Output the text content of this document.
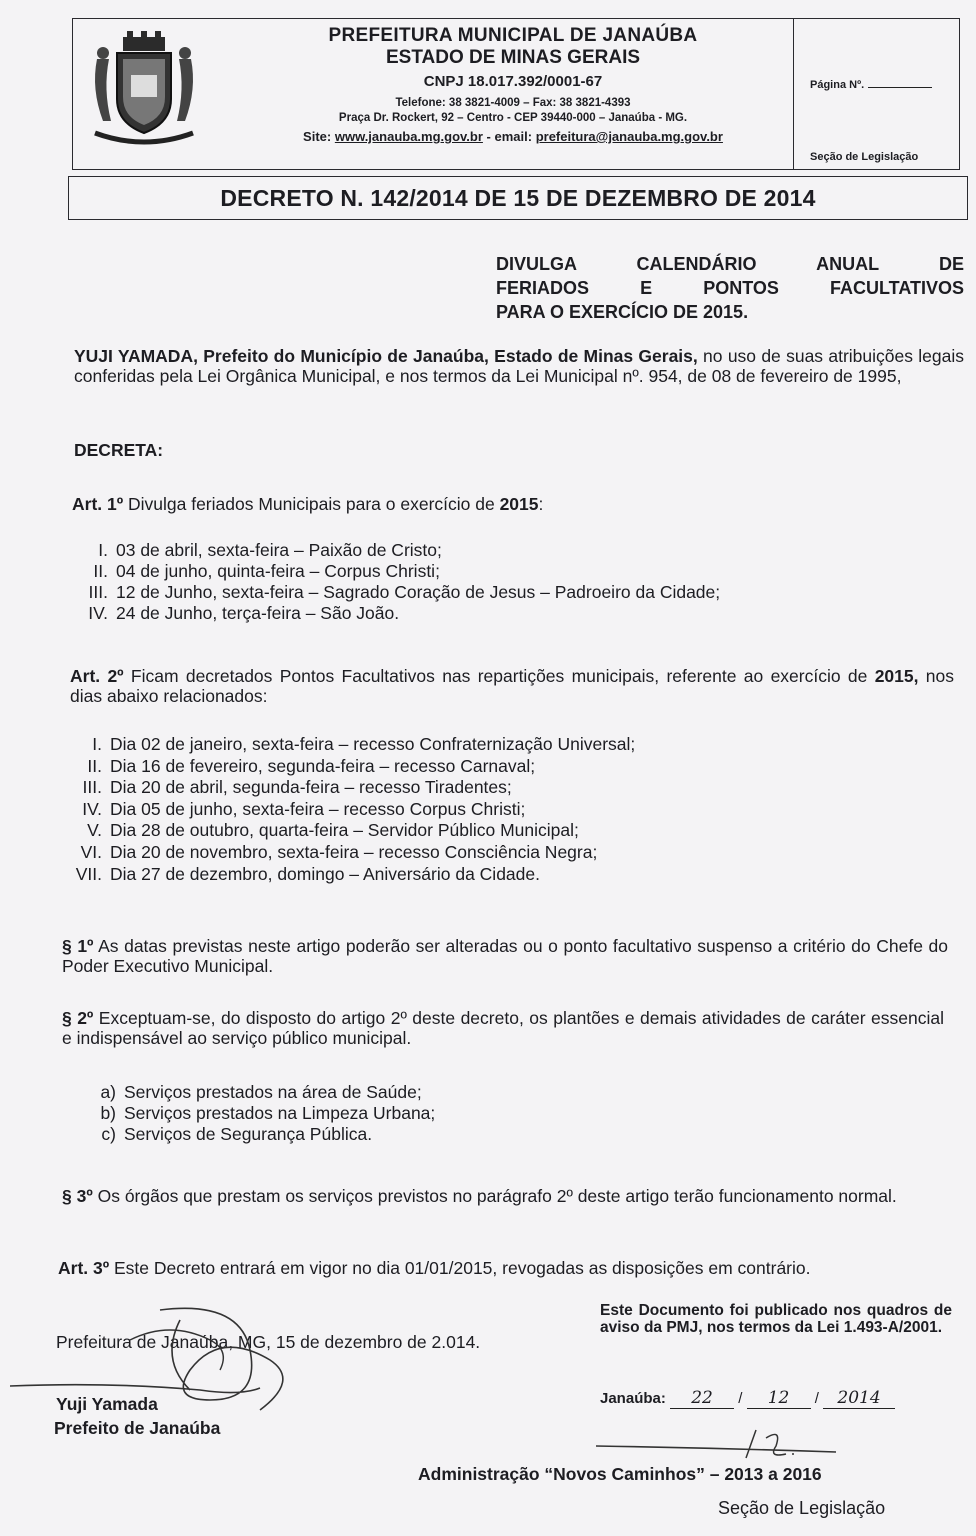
PREFEITURA MUNICIPAL DE JANAÚBA
ESTADO DE MINAS GERAIS
CNPJ 18.017.392/0001-67
Telefone: 38 3821-4009 – Fax: 38 3821-4393
Praça Dr. Rockert, 92 – Centro - CEP 39440-000 – Janaúba - MG.
Site: www.janauba.mg.gov.br - email: prefeitura@janauba.mg.gov.br
Página Nº.
Seção de Legislação
DECRETO N. 142/2014 DE 15 DE DEZEMBRO DE 2014
DIVULGA CALENDÁRIO ANUAL DE
FERIADOS E PONTOS FACULTATIVOS
PARA O EXERCÍCIO DE 2015.
YUJI YAMADA, Prefeito do Município de Janaúba, Estado de Minas Gerais, no uso de suas atribuições legais conferidas pela Lei Orgânica Municipal, e nos termos da Lei Municipal nº. 954, de 08 de fevereiro de 1995,
DECRETA:
Art. 1º Divulga feriados Municipais para o exercício de 2015:
I. 03 de abril, sexta-feira – Paixão de Cristo;
II. 04 de junho, quinta-feira – Corpus Christi;
III. 12 de Junho, sexta-feira – Sagrado Coração de Jesus – Padroeiro da Cidade;
IV. 24 de Junho, terça-feira – São João.
Art. 2º Ficam decretados Pontos Facultativos nas repartições municipais, referente ao exercício de 2015, nos dias abaixo relacionados:
I. Dia 02 de janeiro, sexta-feira – recesso Confraternização Universal;
II. Dia 16 de fevereiro, segunda-feira – recesso Carnaval;
III. Dia 20 de abril, segunda-feira – recesso Tiradentes;
IV. Dia 05 de junho, sexta-feira – recesso Corpus Christi;
V. Dia 28 de outubro, quarta-feira – Servidor Público Municipal;
VI. Dia 20 de novembro, sexta-feira – recesso Consciência Negra;
VII. Dia 27 de dezembro, domingo – Aniversário da Cidade.
§ 1º As datas previstas neste artigo poderão ser alteradas ou o ponto facultativo suspenso a critério do Chefe do Poder Executivo Municipal.
§ 2º Exceptuam-se, do disposto do artigo 2º deste decreto, os plantões e demais atividades de caráter essencial e indispensável ao serviço público municipal.
a) Serviços prestados na área de Saúde;
b) Serviços prestados na Limpeza Urbana;
c) Serviços de Segurança Pública.
§ 3º Os órgãos que prestam os serviços previstos no parágrafo 2º deste artigo terão funcionamento normal.
Art. 3º Este Decreto entrará em vigor no dia 01/01/2015, revogadas as disposições em contrário.
Prefeitura de Janaúba, MG, 15 de dezembro de 2.014.
Yuji Yamada
Prefeito de Janaúba
Este Documento foi publicado nos quadros de aviso da PMJ, nos termos da Lei 1.493-A/2001.
Janaúba: 22 / 12 / 2014
Administração “Novos Caminhos” – 2013 a 2016
Seção de Legislação
